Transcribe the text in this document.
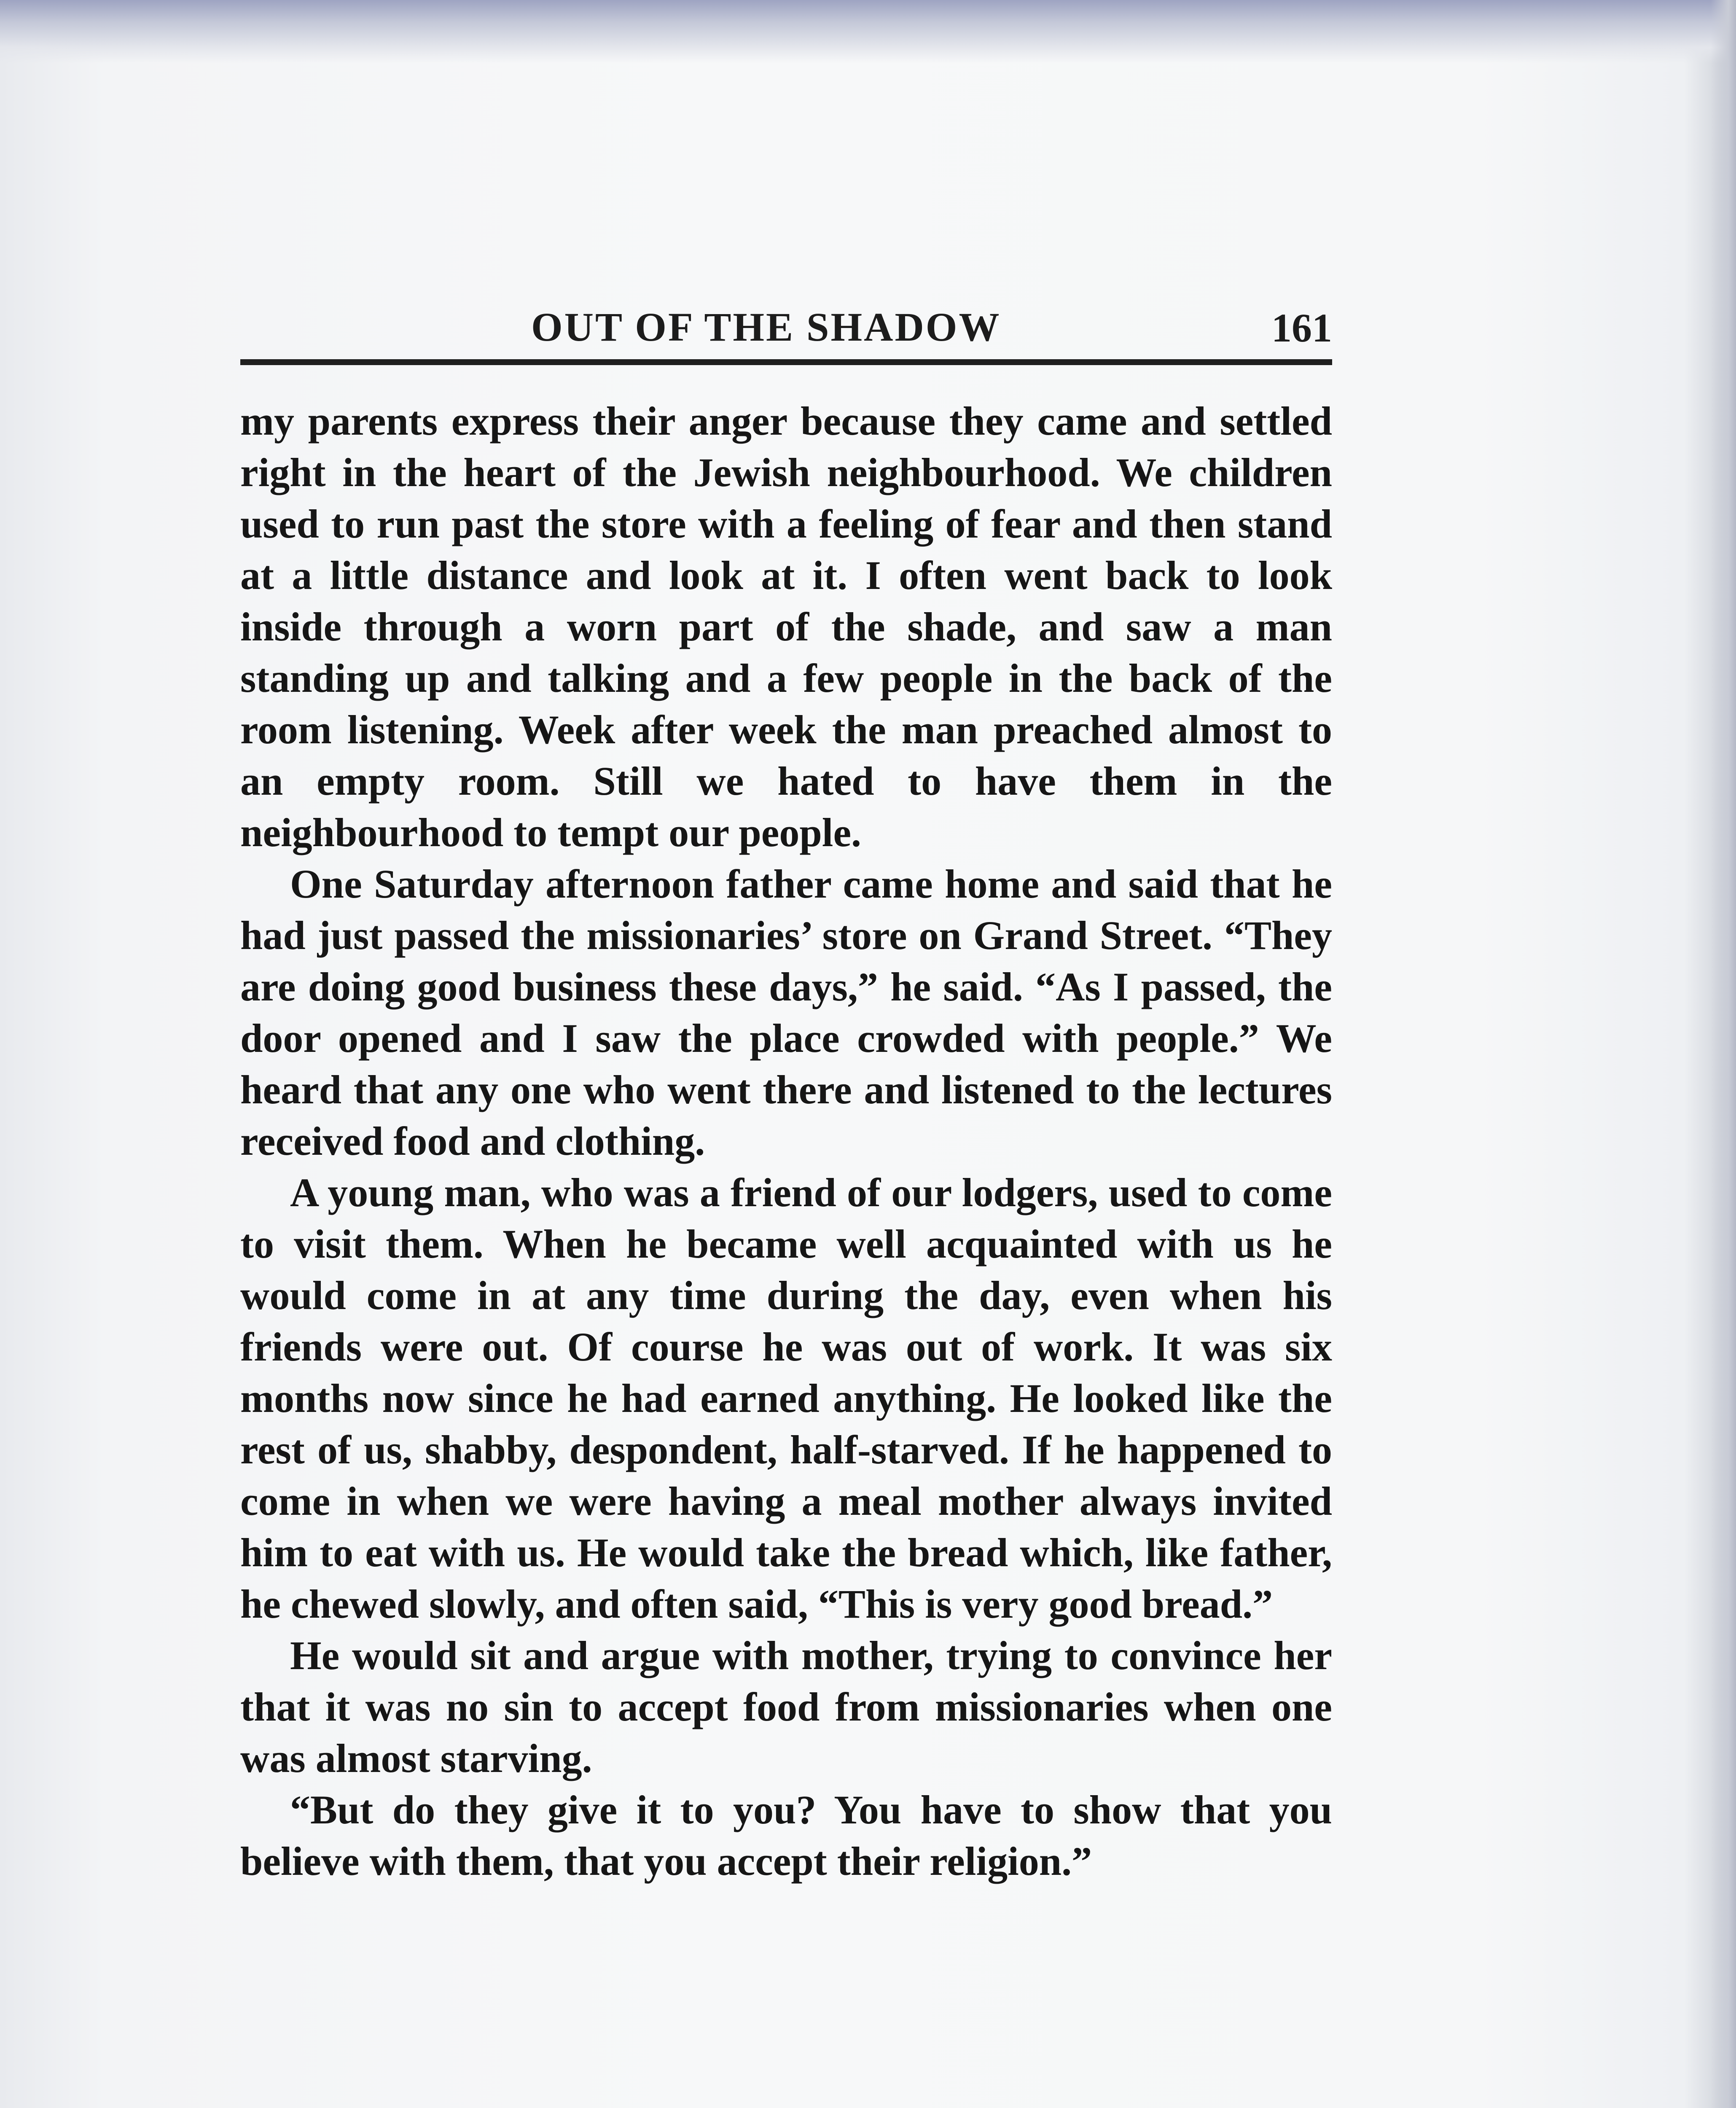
OUT OF THE SHADOW	161

my parents express their anger because they came and settled right in the heart of the Jewish neighbourhood. We children used to run past the store with a feeling of fear and then stand at a little distance and look at it. I often went back to look inside through a worn part of the shade, and saw a man standing up and talking and a few people in the back of the room listening. Week after week the man preached almost to an empty room. Still we hated to have them in the neighbourhood to tempt our people.

One Saturday afternoon father came home and said that he had just passed the missionaries’ store on Grand Street. “They are doing good business these days,” he said. “As I passed, the door opened and I saw the place crowded with people.” We heard that any one who went there and listened to the lectures received food and clothing.

A young man, who was a friend of our lodgers, used to come to visit them. When he became well acquainted with us he would come in at any time during the day, even when his friends were out. Of course he was out of work. It was six months now since he had earned anything. He looked like the rest of us, shabby, despondent, half-starved. If he happened to come in when we were having a meal mother always invited him to eat with us. He would take the bread which, like father, he chewed slowly, and often said, “This is very good bread.”

He would sit and argue with mother, trying to convince her that it was no sin to accept food from missionaries when one was almost starving.

“But do they give it to you? You have to show that you believe with them, that you accept their religion.”
